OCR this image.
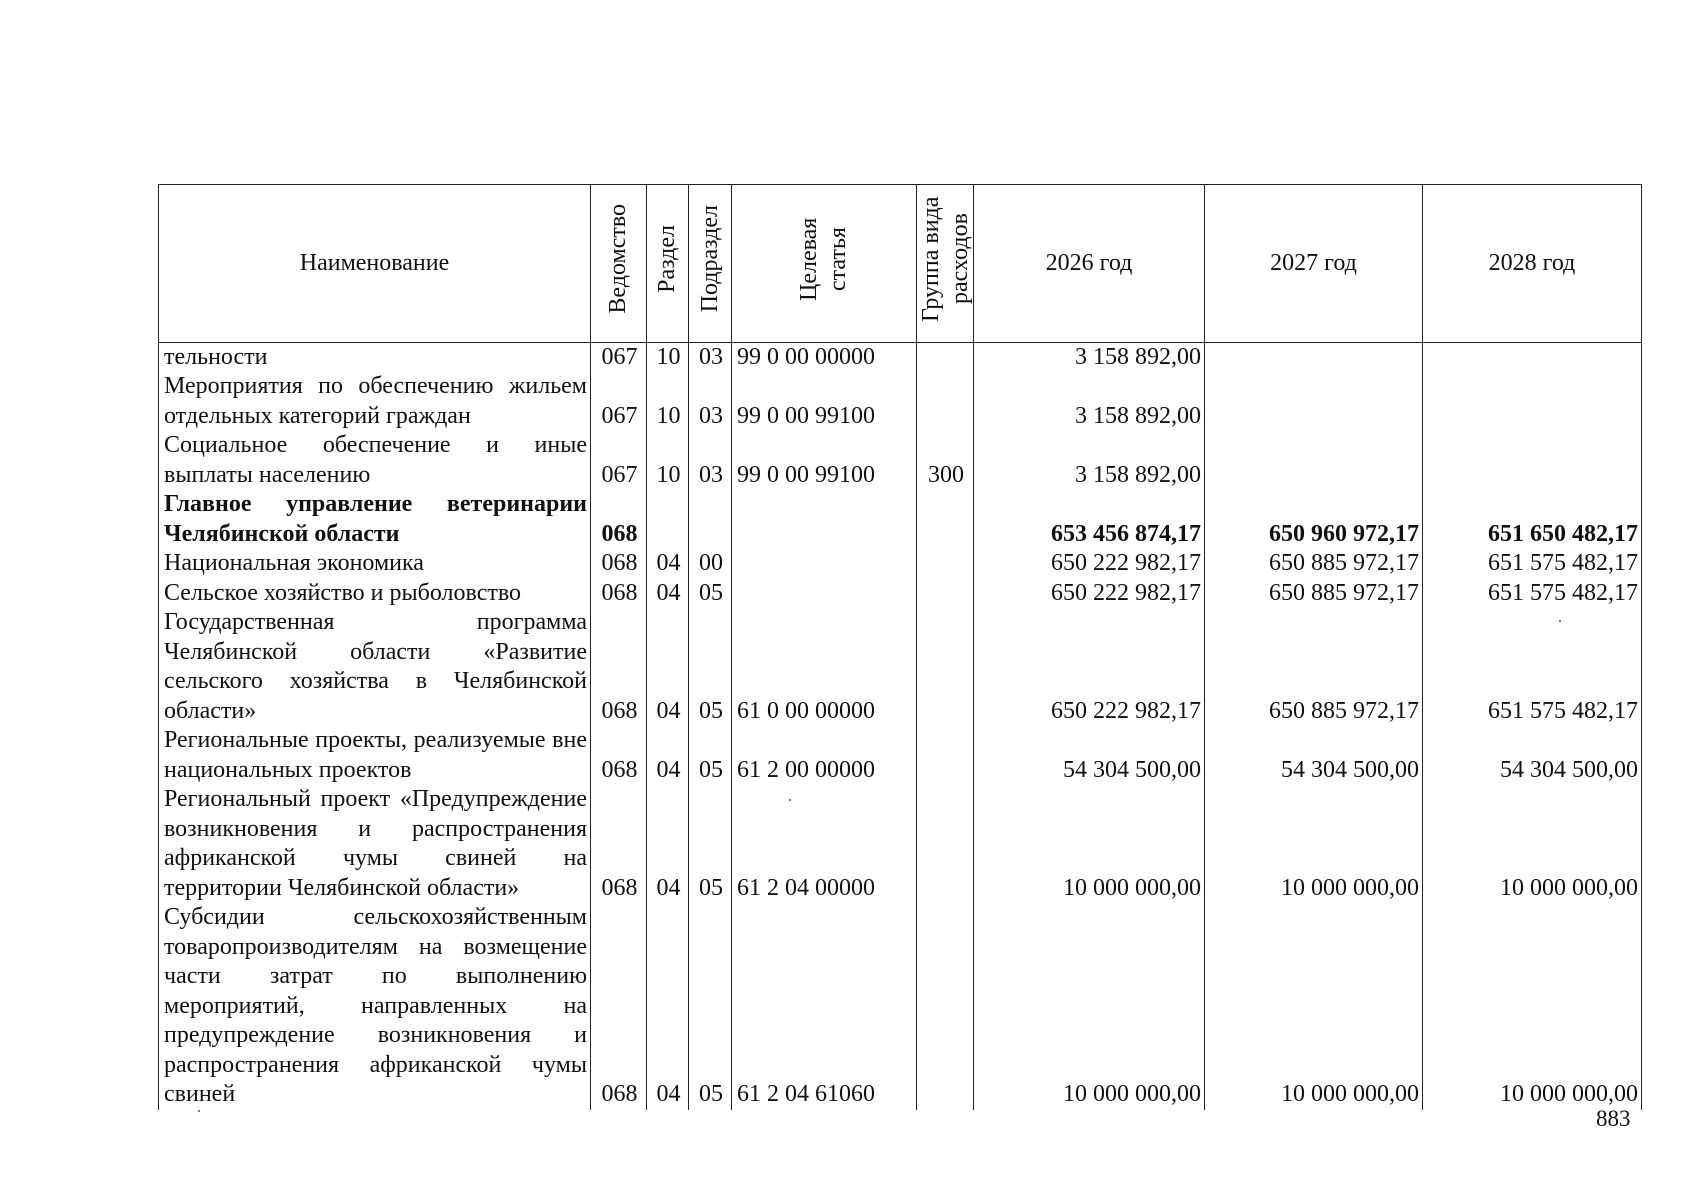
Наименование	Ведомство	Раздел	Подраздел	Целевая статья	Группа вида расходов	2026 год	2027 год	2028 год
тельности	067	10	03	99 0 00 00000		3 158 892,00		
Мероприятия по обеспечению жильем отдельных категорий граждан	067	10	03	99 0 00 99100		3 158 892,00		
Социальное обеспечение и иные выплаты населению	067	10	03	99 0 00 99100	300	3 158 892,00		
Главное управление ветеринарии Челябинской области	068					653 456 874,17	650 960 972,17	651 650 482,17
Национальная экономика	068	04	00			650 222 982,17	650 885 972,17	651 575 482,17
Сельское хозяйство и рыболовство	068	04	05			650 222 982,17	650 885 972,17	651 575 482,17
Государственная программа Челябинской области «Развитие сельского хозяйства в Челябинской области»	068	04	05	61 0 00 00000		650 222 982,17	650 885 972,17	651 575 482,17
Региональные проекты, реализуемые вне национальных проектов	068	04	05	61 2 00 00000		54 304 500,00	54 304 500,00	54 304 500,00
Региональный проект «Предупреждение возникновения и распространения африканской чумы свиней на территории Челябинской области»	068	04	05	61 2 04 00000		10 000 000,00	10 000 000,00	10 000 000,00
Субсидии сельскохозяйственным товаропроизводителям на возмещение части затрат по выполнению мероприятий, направленных на предупреждение возникновения и распространения африканской чумы свиней	068	04	05	61 2 04 61060		10 000 000,00	10 000 000,00	10 000 000,00
883
